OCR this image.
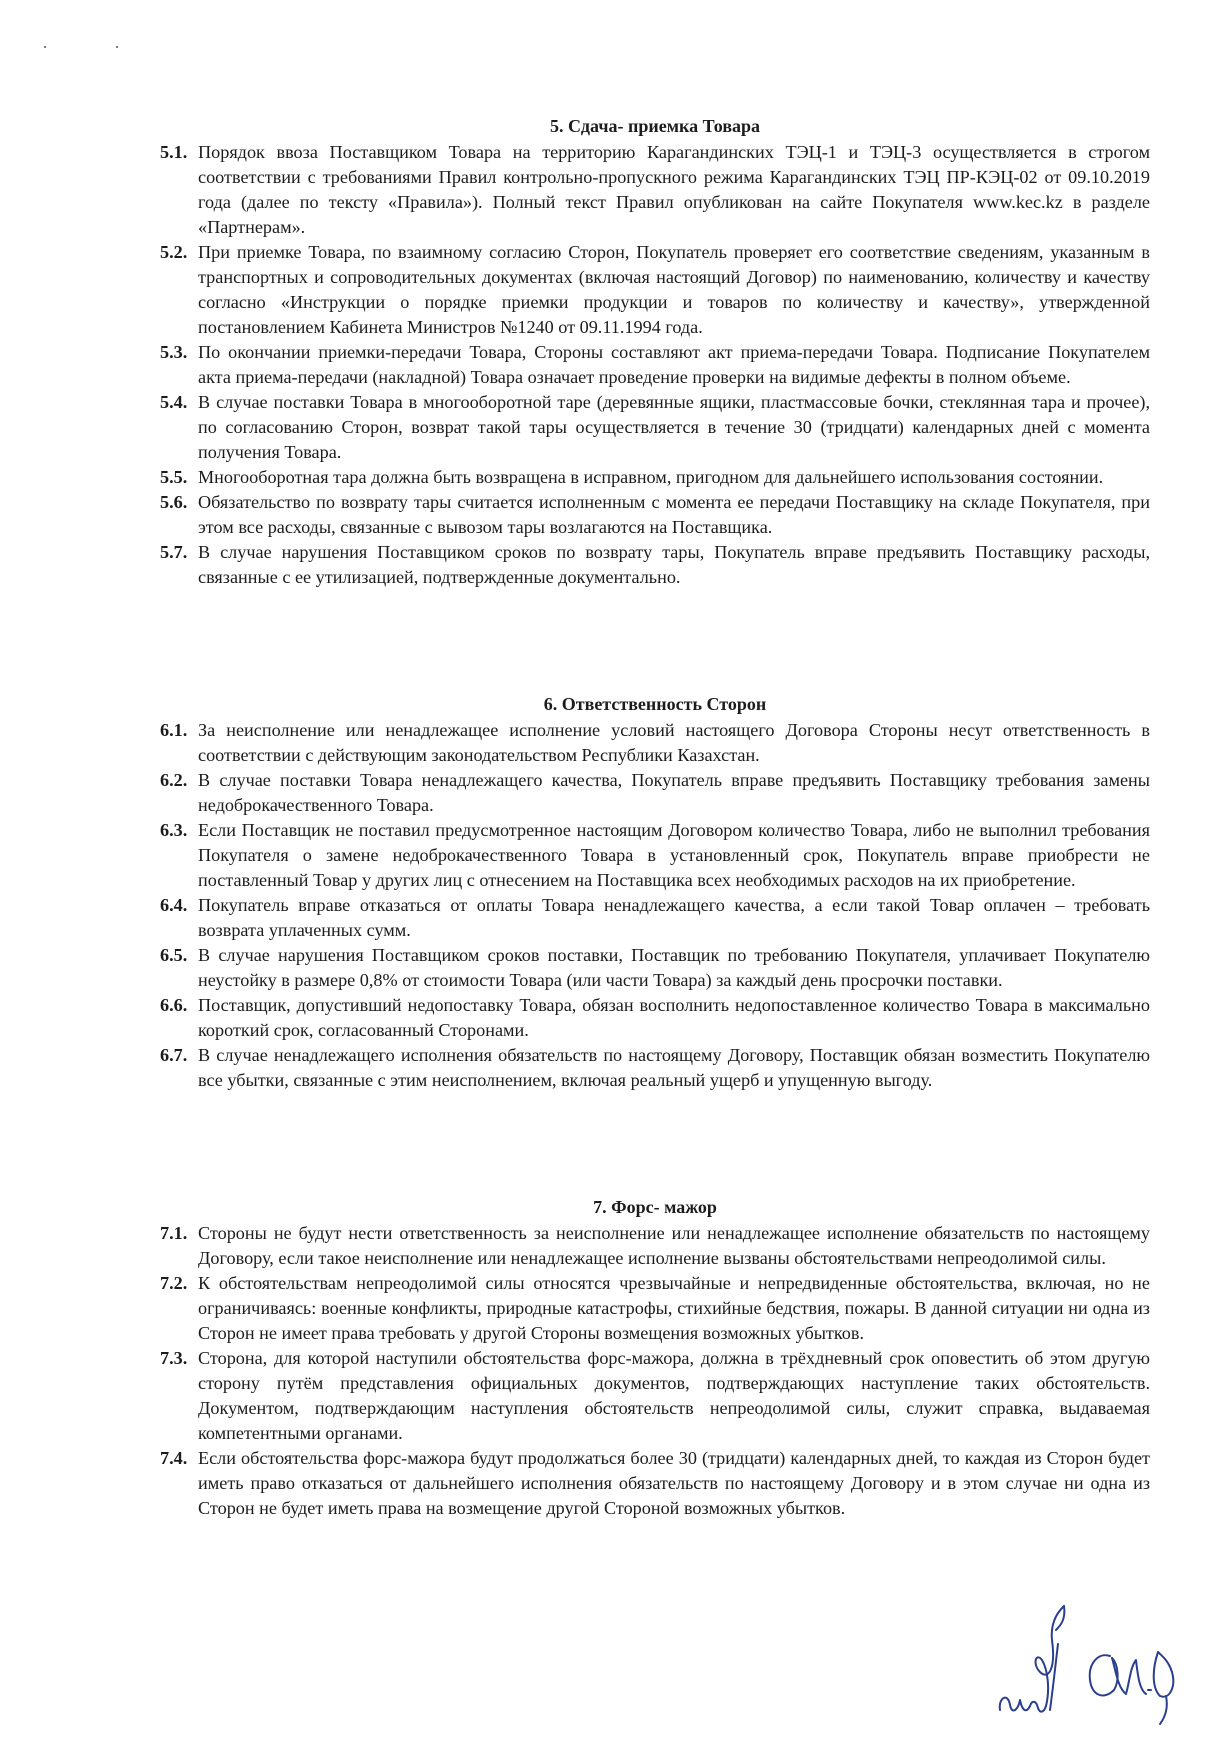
5. Сдача- приемка Товара
5.1. Порядок ввоза Поставщиком Товара на территорию Карагандинских ТЭЦ-1 и ТЭЦ-3 осуществляется в строгом соответствии с требованиями Правил контрольно-пропускного режима Карагандинских ТЭЦ ПР-КЭЦ-02 от 09.10.2019 года (далее по тексту «Правила»). Полный текст Правил опубликован на сайте Покупателя www.kec.kz в разделе «Партнерам».
5.2. При приемке Товара, по взаимному согласию Сторон, Покупатель проверяет его соответствие сведениям, указанным в транспортных и сопроводительных документах (включая настоящий Договор) по наименованию, количеству и качеству согласно «Инструкции о порядке приемки продукции и товаров по количеству и качеству», утвержденной постановлением Кабинета Министров №1240 от 09.11.1994 года.
5.3. По окончании приемки-передачи Товара, Стороны составляют акт приема-передачи Товара. Подписание Покупателем акта приема-передачи (накладной) Товара означает проведение проверки на видимые дефекты в полном объеме.
5.4. В случае поставки Товара в многооборотной таре (деревянные ящики, пластмассовые бочки, стеклянная тара и прочее), по согласованию Сторон, возврат такой тары осуществляется в течение 30 (тридцати) календарных дней с момента получения Товара.
5.5. Многооборотная тара должна быть возвращена в исправном, пригодном для дальнейшего использования состоянии.
5.6. Обязательство по возврату тары считается исполненным с момента ее передачи Поставщику на складе Покупателя, при этом все расходы, связанные с вывозом тары возлагаются на Поставщика.
5.7. В случае нарушения Поставщиком сроков по возврату тары, Покупатель вправе предъявить Поставщику расходы, связанные с ее утилизацией, подтвержденные документально.
6. Ответственность Сторон
6.1. За неисполнение или ненадлежащее исполнение условий настоящего Договора Стороны несут ответственность в соответствии с действующим законодательством Республики Казахстан.
6.2. В случае поставки Товара ненадлежащего качества, Покупатель вправе предъявить Поставщику требования замены недоброкачественного Товара.
6.3. Если Поставщик не поставил предусмотренное настоящим Договором количество Товара, либо не выполнил требования Покупателя о замене недоброкачественного Товара в установленный срок, Покупатель вправе приобрести не поставленный Товар у других лиц с отнесением на Поставщика всех необходимых расходов на их приобретение.
6.4. Покупатель вправе отказаться от оплаты Товара ненадлежащего качества, а если такой Товар оплачен – требовать возврата уплаченных сумм.
6.5. В случае нарушения Поставщиком сроков поставки, Поставщик по требованию Покупателя, уплачивает Покупателю неустойку в размере 0,8% от стоимости Товара (или части Товара) за каждый день просрочки поставки.
6.6. Поставщик, допустивший недопоставку Товара, обязан восполнить недопоставленное количество Товара в максимально короткий срок, согласованный Сторонами.
6.7. В случае ненадлежащего исполнения обязательств по настоящему Договору, Поставщик обязан возместить Покупателю все убытки, связанные с этим неисполнением, включая реальный ущерб и упущенную выгоду.
7. Форс- мажор
7.1. Стороны не будут нести ответственность за неисполнение или ненадлежащее исполнение обязательств по настоящему Договору, если такое неисполнение или ненадлежащее исполнение вызваны обстоятельствами непреодолимой силы.
7.2. К обстоятельствам непреодолимой силы относятся чрезвычайные и непредвиденные обстоятельства, включая, но не ограничиваясь: военные конфликты, природные катастрофы, стихийные бедствия, пожары. В данной ситуации ни одна из Сторон не имеет права требовать у другой Стороны возмещения возможных убытков.
7.3. Сторона, для которой наступили обстоятельства форс-мажора, должна в трёхдневный срок оповестить об этом другую сторону путём представления официальных документов, подтверждающих наступление таких обстоятельств. Документом, подтверждающим наступления обстоятельств непреодолимой силы, служит справка, выдаваемая компетентными органами.
7.4. Если обстоятельства форс-мажора будут продолжаться более 30 (тридцати) календарных дней, то каждая из Сторон будет иметь право отказаться от дальнейшего исполнения обязательств по настоящему Договору и в этом случае ни одна из Сторон не будет иметь права на возмещение другой Стороной возможных убытков.
